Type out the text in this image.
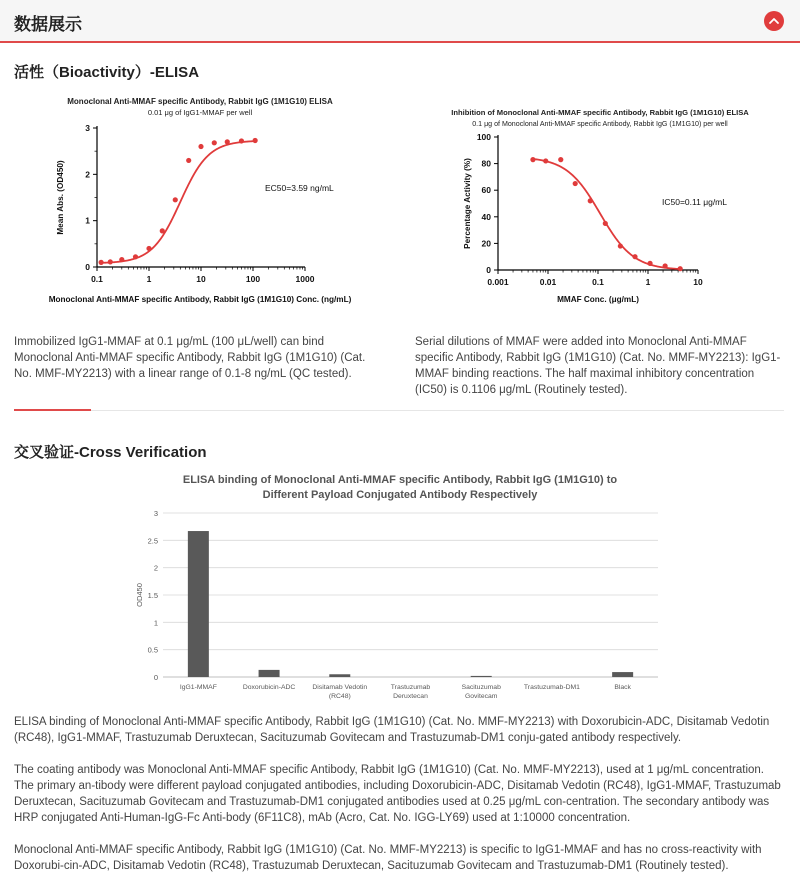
数据展示
活性（Bioactivity）-ELISA
Monoclonal Anti-MMAF specific Antibody, Rabbit IgG (1M1G10) ELISA
0.01 μg of IgG1-MMAF per well
0.1	1	10	100	1000
0
1
2
3
EC50=3.59 ng/mL
Monoclonal Anti-MMAF specific Antibody, Rabbit IgG (1M1G10) Conc. (ng/mL)
Mean Abs. (OD450)
Inhibition of Monoclonal Anti-MMAF specific Antibody, Rabbit IgG (1M1G10) ELISA
0.1 μg of Monoclonal Anti-MMAF specific Antibody, Rabbit IgG (1M1G10) per well
0.001	0.01	0.1	1	10
0
20
40
60
80
100
IC50=0.11 μg/mL
MMAF Conc. (μg/mL)
Percentage Activity (%)

Immobilized IgG1-MMAF at 0.1 μg/mL (100 μL/well) can bind Monoclonal Anti-MMAF specific Antibody, Rabbit IgG (1M1G10) (Cat. No. MMF-MY2213) with a linear range of 0.1-8 ng/mL (QC tested).

Serial dilutions of MMAF were added into Monoclonal Anti-MMAF specific Antibody, Rabbit IgG (1M1G10) (Cat. No. MMF-MY2213): IgG1-MMAF binding reactions. The half maximal inhibitory concentration (IC50) is 0.1106 μg/mL (Routinely tested).

交叉验证-Cross Verification
ELISA binding of Monoclonal Anti-MMAF specific Antibody, Rabbit IgG (1M1G10) to
Different Payload Conjugated Antibody Respectively
0
0.5
1
1.5
2
2.5
3
OD450
IgG1-MMAF	Doxorubicin-ADC	Disitamab Vedotin
(RC48)
Trastuzumab
Deruxtecan
Sacituzumab
Govitecam
Trastuzumab-DM1	Black

ELISA binding of Monoclonal Anti-MMAF specific Antibody, Rabbit IgG (1M1G10) (Cat. No. MMF-MY2213) with Doxorubicin-ADC, Disitamab Vedotin (RC48), IgG1-MMAF, Trastuzumab Deruxtecan, Sacituzumab Govitecam and Trastuzumab-DM1 conju-gated antibody respectively.

The coating antibody was Monoclonal Anti-MMAF specific Antibody, Rabbit IgG (1M1G10) (Cat. No. MMF-MY2213), used at 1 μg/mL concentration. The primary an-tibody were different payload conjugated antibodies, including Doxorubicin-ADC, Disitamab Vedotin (RC48), IgG1-MMAF, Trastuzumab Deruxtecan, Sacituzumab Govitecam and Trastuzumab-DM1 conjugated antibodies used at 0.25 μg/mL con-centration. The secondary antibody was HRP conjugated Anti-Human-IgG-Fc Anti-body (6F11C8), mAb (Acro, Cat. No. IGG-LY69) used at 1:10000 concentration.

Monoclonal Anti-MMAF specific Antibody, Rabbit IgG (1M1G10) (Cat. No. MMF-MY2213) is specific to IgG1-MMAF and has no cross-reactivity with Doxorubi-cin-ADC, Disitamab Vedotin (RC48), Trastuzumab Deruxtecan, Sacituzumab Govitecam and Trastuzumab-DM1 (Routinely tested).
